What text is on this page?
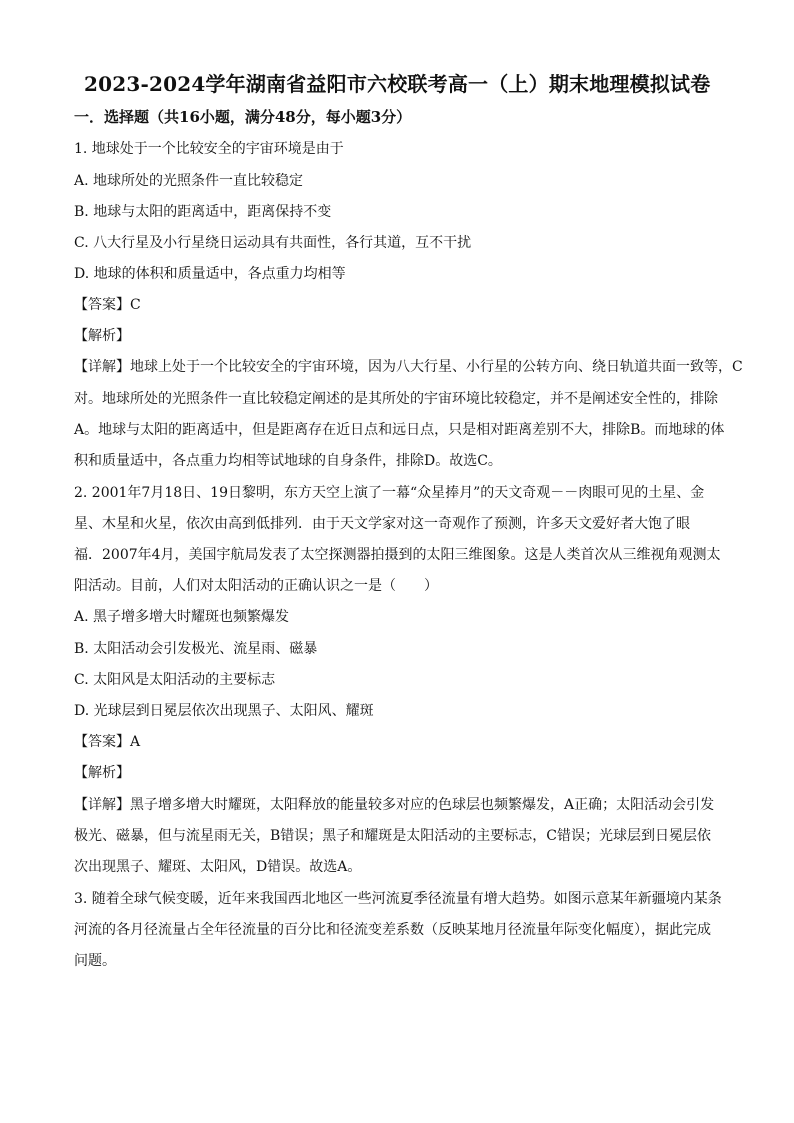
2023-2024学年湖南省益阳市六校联考高一（上）期末地理模拟试卷
一．选择题（共16小题，满分48分，每小题3分）
1. 地球处于一个比较安全的宇宙环境是由于
A. 地球所处的光照条件一直比较稳定
B. 地球与太阳的距离适中，距离保持不变
C. 八大行星及小行星绕日运动具有共面性，各行其道，互不干扰
D. 地球的体积和质量适中，各点重力均相等
【答案】C
【解析】
【详解】地球上处于一个比较安全的宇宙环境，因为八大行星、小行星的公转方向、绕日轨道共面一致等，C
对。地球所处的光照条件一直比较稳定阐述的是其所处的宇宙环境比较稳定，并不是阐述安全性的，排除
A。地球与太阳的距离适中，但是距离存在近日点和远日点，只是相对距离差别不大，排除B。而地球的体
积和质量适中，各点重力均相等试地球的自身条件，排除D。故选C。
2. 2001年7月18日、19日黎明，东方天空上演了一幕“众星捧月”的天文奇观－－肉眼可见的土星、金
星、木星和火星，依次由高到低排列．由于天文学家对这一奇观作了预测，许多天文爱好者大饱了眼
福．2007年4月，美国宇航局发表了太空探测器拍摄到的太阳三维图象。这是人类首次从三维视角观测太
阳活动。目前，人们对太阳活动的正确认识之一是（　　）
A. 黑子增多增大时耀斑也频繁爆发
B. 太阳活动会引发极光、流星雨、磁暴
C. 太阳风是太阳活动的主要标志
D. 光球层到日冕层依次出现黑子、太阳风、耀斑
【答案】A
【解析】
【详解】黑子增多增大时耀斑，太阳释放的能量较多对应的色球层也频繁爆发，A正确；太阳活动会引发
极光、磁暴，但与流星雨无关，B错误；黑子和耀斑是太阳活动的主要标志，C错误；光球层到日冕层依
次出现黑子、耀斑、太阳风，D错误。故选A。
3. 随着全球气候变暖，近年来我国西北地区一些河流夏季径流量有增大趋势。如图示意某年新疆境内某条
河流的各月径流量占全年径流量的百分比和径流变差系数（反映某地月径流量年际变化幅度），据此完成
问题。
